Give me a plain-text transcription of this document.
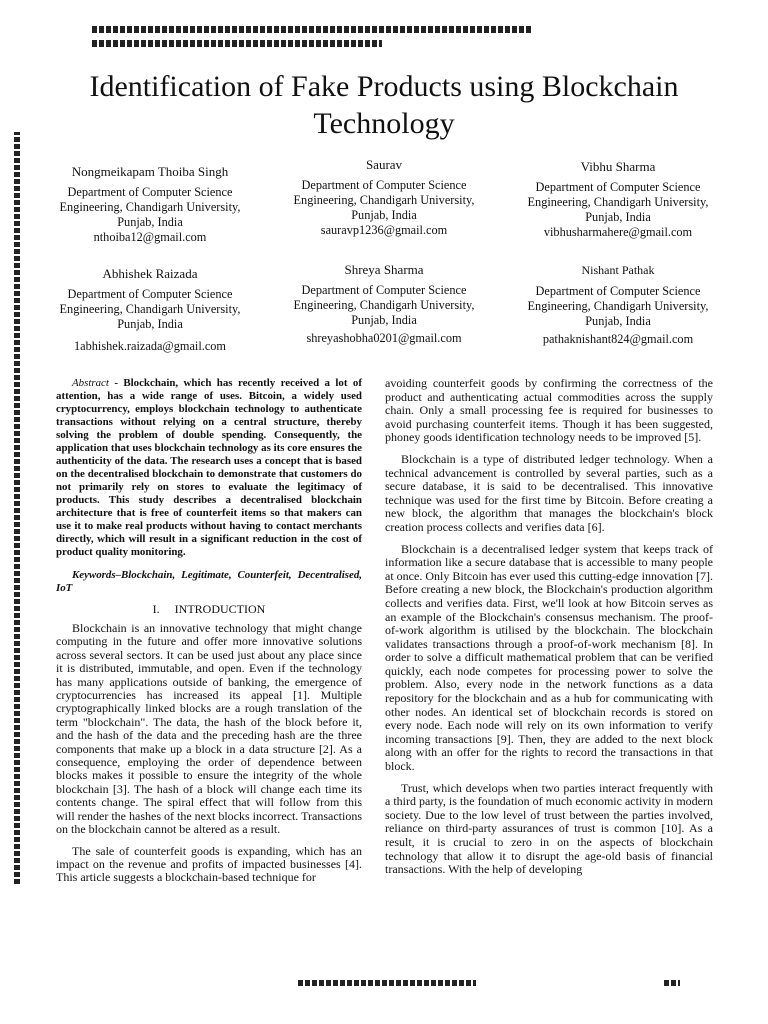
Identification of Fake Products using Blockchain Technology
Nongmeikapam Thoiba Singh
Department of Computer Science
Engineering, Chandigarh University,
Punjab, India
nthoiba12@gmail.com
Saurav
Department of Computer Science
Engineering, Chandigarh University,
Punjab, India
sauravp1236@gmail.com
Vibhu Sharma
Department of Computer Science
Engineering, Chandigarh University,
Punjab, India
vibhusharmahere@gmail.com
Abhishek Raizada
Department of Computer Science
Engineering, Chandigarh University,
Punjab, India
1abhishek.raizada@gmail.com
Shreya Sharma
Department of Computer Science
Engineering, Chandigarh University,
Punjab, India
shreyashobha0201@gmail.com
Nishant Pathak
Department of Computer Science
Engineering, Chandigarh University,
Punjab, India
pathaknishant824@gmail.com

Abstract - Blockchain, which has recently received a lot of attention, has a wide range of uses. Bitcoin, a widely used cryptocurrency, employs blockchain technology to authenticate transactions without relying on a central structure, thereby solving the problem of double spending. Consequently, the application that uses blockchain technology as its core ensures the authenticity of the data. The research uses a concept that is based on the decentralised blockchain to demonstrate that customers do not primarily rely on stores to evaluate the legitimacy of products. This study describes a decentralised blockchain architecture that is free of counterfeit items so that makers can use it to make real products without having to contact merchants directly, which will result in a significant reduction in the cost of product quality monitoring.

Keywords–Blockchain, Legitimate, Counterfeit, Decentralised, IoT
I.     INTRODUCTION

Blockchain is an innovative technology that might change computing in the future and offer more innovative solutions across several sectors. It can be used just about any place since it is distributed, immutable, and open. Even if the technology has many applications outside of banking, the emergence of cryptocurrencies has increased its appeal [1]. Multiple cryptographically linked blocks are a rough translation of the term "blockchain". The data, the hash of the block before it, and the hash of the data and the preceding hash are the three components that make up a block in a data structure [2]. As a consequence, employing the order of dependence between blocks makes it possible to ensure the integrity of the whole blockchain [3]. The hash of a block will change each time its contents change. The spiral effect that will follow from this will render the hashes of the next blocks incorrect. Transactions on the blockchain cannot be altered as a result.

The sale of counterfeit goods is expanding, which has an impact on the revenue and profits of impacted businesses [4]. This article suggests a blockchain-based technique for

avoiding counterfeit goods by confirming the correctness of the product and authenticating actual commodities across the supply chain. Only a small processing fee is required for businesses to avoid purchasing counterfeit items. Though it has been suggested, phoney goods identification technology needs to be improved [5].

Blockchain is a type of distributed ledger technology. When a technical advancement is controlled by several parties, such as a secure database, it is said to be decentralised. This innovative technique was used for the first time by Bitcoin. Before creating a new block, the algorithm that manages the blockchain's block creation process collects and verifies data [6].

Blockchain is a decentralised ledger system that keeps track of information like a secure database that is accessible to many people at once. Only Bitcoin has ever used this cutting-edge innovation [7]. Before creating a new block, the Blockchain's production algorithm collects and verifies data. First, we'll look at how Bitcoin serves as an example of the Blockchain's consensus mechanism. The proof-of-work algorithm is utilised by the blockchain. The blockchain validates transactions through a proof-of-work mechanism [8]. In order to solve a difficult mathematical problem that can be verified quickly, each node competes for processing power to solve the problem. Also, every node in the network functions as a data repository for the blockchain and as a hub for communicating with other nodes. An identical set of blockchain records is stored on every node. Each node will rely on its own information to verify incoming transactions [9]. Then, they are added to the next block along with an offer for the rights to record the transactions in that block.

Trust, which develops when two parties interact frequently with a third party, is the foundation of much economic activity in modern society. Due to the low level of trust between the parties involved, reliance on third-party assurances of trust is common [10]. As a result, it is crucial to zero in on the aspects of blockchain technology that allow it to disrupt the age-old basis of financial transactions. With the help of developing
